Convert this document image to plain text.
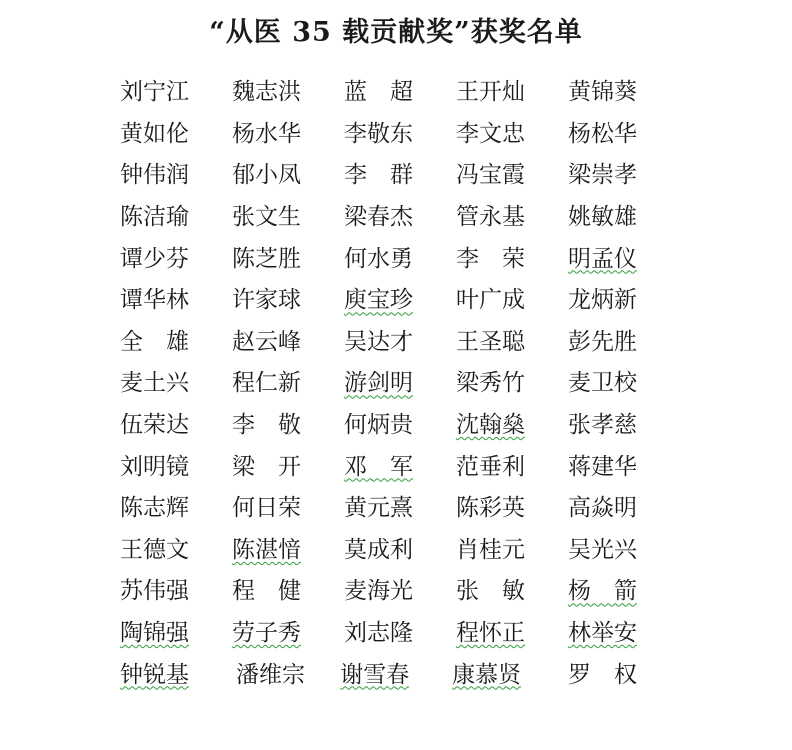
“从医 35 载贡献奖”获奖名单
刘宁江	魏志洪	蓝　超	王开灿	黄锦葵
黄如伦	杨水华	李敬东	李文忠	杨松华
钟伟润	郁小凤	李　群	冯宝霞	梁崇孝
陈洁瑜	张文生	梁春杰	管永基	姚敏雄
谭少芬	陈芝胜	何水勇	李　荣	明孟仪
谭华林	许家球	庾宝珍	叶广成	龙炳新
全　雄	赵云峰	吴达才	王圣聪	彭先胜
麦土兴	程仁新	游剑明	梁秀竹	麦卫校
伍荣达	李　敬	何炳贵	沈翰燊	张孝慈
刘明镜	梁　开	邓　军	范垂利	蒋建华
陈志辉	何日荣	黄元熹	陈彩英	高焱明
王德文	陈湛愔	莫成利	肖桂元	吴光兴
苏伟强	程　健	麦海光	张　敏	杨　箭
陶锦强	劳子秀	刘志隆	程怀正	林举安
钟锐基	潘维宗	谢雪春	康慕贤	罗　权
